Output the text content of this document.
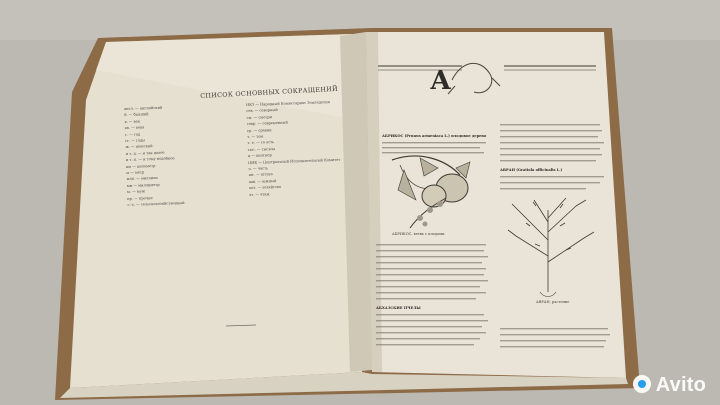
СПИСОК ОСНОВНЫХ СОКРАЩЕНИЙ
англ. — английский
б. — бывший
в. — век
вв. — века
г. — год
гг. — годы
ж. — женский
и т. д. — и так далее
и т. п. — и тому подобное
км — километр
м — метр
млн. — миллион
мм — миллиметр
м. — муж
пр. — прочие
с.-х. — сельскохозяйственный
НКЗ — Народный Комиссариат Земледелия
сев. — северный
см. — смотри
совр. — современный
ср. — сравни
т. — том
т. е. — то есть
тыс. — тысяча
ц — центнер
ЦИК — Центральный Исполнительный Комитет
ч. — часть
шт. — штука
юж. — южный
хоз. — хозяйство
эт. — этаж
А
АБРИКОС (Prunus armeniaca L.) плодовое дерево
АБРИКОС, ветвь с плодами
АБХАЗСКИЕ ПЧЕЛЫ
АВРАН (Gratiola officinalis L.)
АВРАН, растение
Avito
